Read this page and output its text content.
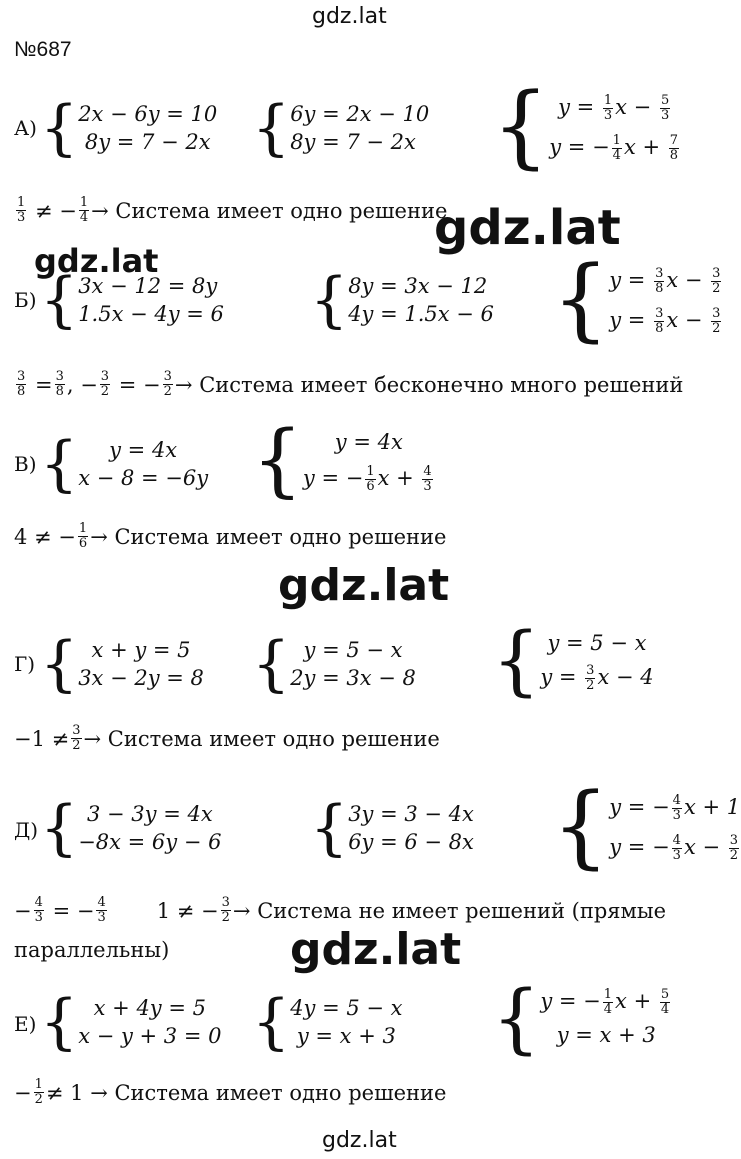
gdz.lat
№687
А) { 2x − 6y = 10
8y = 7 − 2x { 6y = 2x − 10
8y = 7 − 2x { $y = \frac{1}{3}$ $x - \frac{5}{3}$
y = − $\frac{1}{4}$ $x + \frac{7}{8}$
$\frac{1}{3}$ ≠ − $\frac{1}{4}$ → Система имеет одно решение
gdz.lat
gdz.lat
Б) { 3x − 12 = 8y
1.5x − 4y = 6 { 8y = 3x − 12
4y = 1.5x − 6 { $y = \frac{3}{8}$ $x - \frac{3}{2}$
$y = \frac{3}{8}$ $x - \frac{3}{2}$
$\frac{3}{8} = \frac{3}{8}$ , − $\frac{3}{2}$ = − $\frac{3}{2}$ → Система имеет бесконечно много решений
В) {	y = 4x
x − 8 = −6y {	y = 4x
y = − $\frac{1}{6}$ $x + \frac{4}{3}$
4 ≠ − $\frac{1}{6}$ → Система имеет одно решение
gdz.lat
Г) { x + y = 5
3x − 2y = 8 { y = 5 − x
2y = 3x − 8 { y = 5 − x
$y = \frac{3}{2}$ x − 4
$-1 \ne \frac{3}{2}$ → Система имеет одно решение
Д) { 3 − 3y = 4x
−8x = 6y − 6 { 3y = 3 − 4x
6y = 6 − 8x { y = − $\frac{4}{3}$ x + 1
y = − $\frac{4}{3}$ $x - \frac{3}{2}$
− $\frac{4}{3}$ = − $\frac{4}{3} 1$ ≠ − $\frac{3}{2}$ → Система не имеет решений (прямые
параллельны)	gdz.lat
Е) { x + 4y = 5
x − y + 3 = 0 { 4y = 5 − x
y = x + 3 { y = − $\frac{1}{4}$ $x + \frac{5}{4}$
y = x + 3
− $\frac{1}{2} \ne 1$ → Система имеет одно решение
gdz.lat
